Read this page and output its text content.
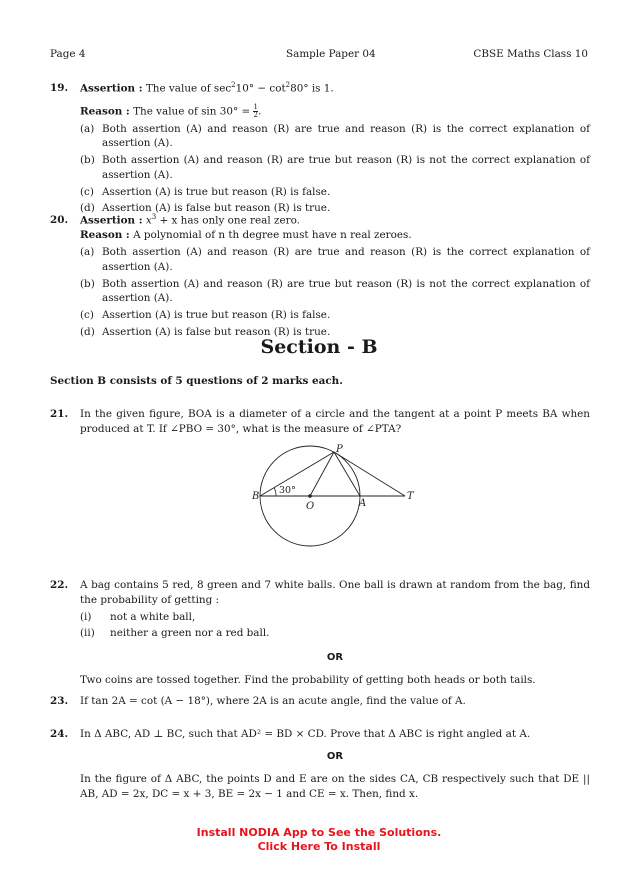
Page 4	Sample Paper 04	CBSE Maths Class 10
19. Assertion : The value of $\sec^210^\circ - \cot^280^\circ$ is 1.
Reason : The value of $\sin 30^\circ = \frac{1}{2}$ .
(a) Both assertion (A) and reason (R) are true and reason (R) is the correct explanation of assertion (A).
(b) Both assertion (A) and reason (R) are true but reason (R) is not the correct explanation of assertion (A).
(c) Assertion (A) is true but reason (R) is false.
(d) Assertion (A) is false but reason (R) is true.
20. Assertion : $x^3 + x$ has only one real zero.
Reason : A polynomial of n th degree must have n real zeroes.
(a) Both assertion (A) and reason (R) are true and reason (R) is the correct explanation of assertion (A).
(b) Both assertion (A) and reason (R) are true but reason (R) is not the correct explanation of assertion (A).
(c) Assertion (A) is true but reason (R) is false.
(d) Assertion (A) is false but reason (R) is true.
Section - B
Section B consists of 5 questions of 2 marks each.
21. In the given figure, BOA is a diameter of a circle and the tangent at a point P meets BA when produced at T. If ∠PBO = 30°, what is the measure of ∠PTA?
P
B
O	A
T
30°
22. A bag contains 5 red, 8 green and 7 white balls. One ball is drawn at random from the bag, find the probability of getting :
(i) not a white ball,
(ii) neither a green nor a red ball.
OR
Two coins are tossed together. Find the probability of getting both heads or both tails.
23. If tan 2A = cot (A − 18°), where 2A is an acute angle, find the value of A.
24. In Δ ABC, AD ⊥ BC, such that AD² = BD × CD. Prove that Δ ABC is right angled at A.
OR
In the figure of Δ ABC, the points D and E are on the sides CA, CB respectively such that DE || AB, AD = 2x, DC = x + 3, BE = 2x − 1 and CE = x. Then, find x.
Install NODIA App to See the Solutions.
Click Here To Install
